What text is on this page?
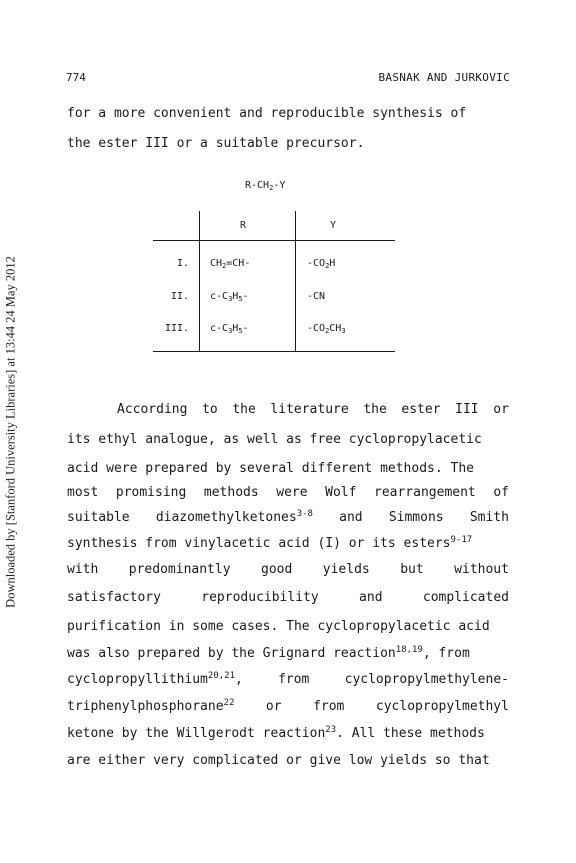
774	BASNAK AND JURKOVIC
Downloaded by [Stanford University Libraries] at 13:44 24 May 2012
for a more convenient and reproducible synthesis of
the ester III or a suitable precursor.
$R-CH_2-Y$
R	Y
I. $CH_2=CH-$	$-CO_2H$
II. $c-C_3H_5-$	-CN
III. $c-C_3H_5-$	$-CO_2CH_3$
According to the literature the ester III or
its ethyl analogue, as well as free cyclopropylacetic
acid were prepared by several different methods. The
most promising methods were Wolf rearrangement of
suitable diazomethylketones$^{3-8}$ and Simmons Smith
synthesis from vinylacetic acid (I) or its esters$^{9-17}$
with predominantly good yields but without
satisfactory	reproducibility	and	complicated
purification in some cases. The cyclopropylacetic acid
was also prepared by the Grignard reaction$^{18,19}$, from
cyclopropyllithium$^{20,21}$,	from	cyclopropylmethylene-
triphenylphosphorane$^{22}$ or from cyclopropylmethyl
ketone by the Willgerodt reaction$^{23}$. All these methods
are either very complicated or give low yields so that
